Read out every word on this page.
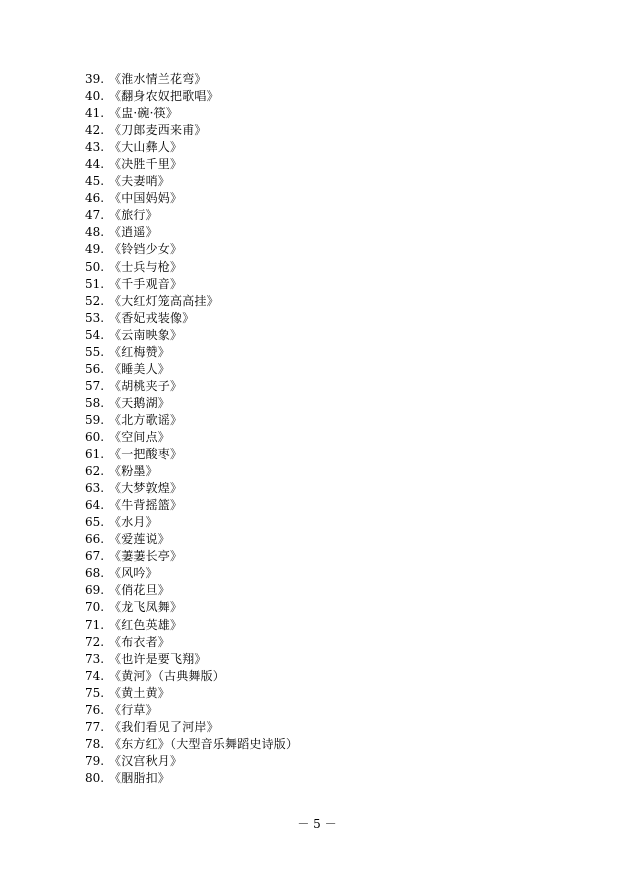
39. 《淮水情兰花弯》
40. 《翻身农奴把歌唱》
41. 《盅·碗·筷》
42. 《刀郎麦西来甫》
43. 《大山彝人》
44. 《决胜千里》
45. 《夫妻哨》
46. 《中国妈妈》
47. 《旅行》
48. 《逍遥》
49. 《铃铛少女》
50. 《士兵与枪》
51. 《千手观音》
52. 《大红灯笼高高挂》
53. 《香妃戎装像》
54. 《云南映象》
55. 《红梅赞》
56. 《睡美人》
57. 《胡桃夹子》
58. 《天鹅湖》
59. 《北方歌谣》
60. 《空间点》
61. 《一把酸枣》
62. 《粉墨》
63. 《大梦敦煌》
64. 《牛背摇篮》
65. 《水月》
66. 《爱莲说》
67. 《萋萋长亭》
68. 《风吟》
69. 《俏花旦》
70. 《龙飞凤舞》
71. 《红色英雄》
72. 《布衣者》
73. 《也许是要飞翔》
74. 《黄河》（古典舞版）
75. 《黄土黄》
76. 《行草》
77. 《我们看见了河岸》
78. 《东方红》（大型音乐舞蹈史诗版）
79. 《汉宫秋月》
80. 《胭脂扣》
－ 5 －
